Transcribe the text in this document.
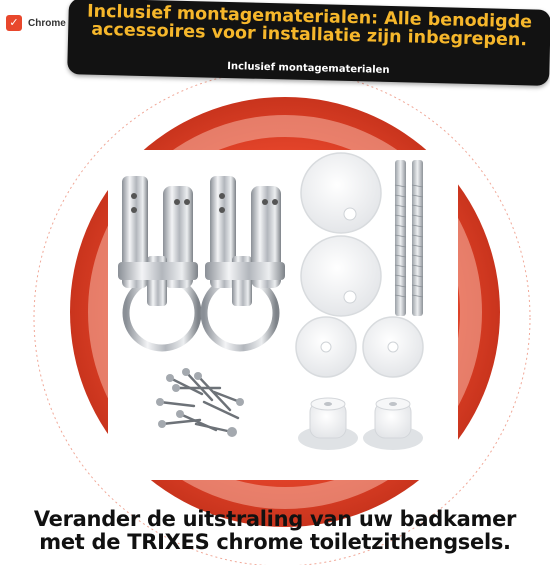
✓ Chrome Inclusief montagematerialen: Alle benodigde accessoires voor installatie zijn inbegrepen.
Inclusief montagematerialen
Verander de uitstraling van uw badkamer
met de TRIXES chrome toiletzithengsels.
